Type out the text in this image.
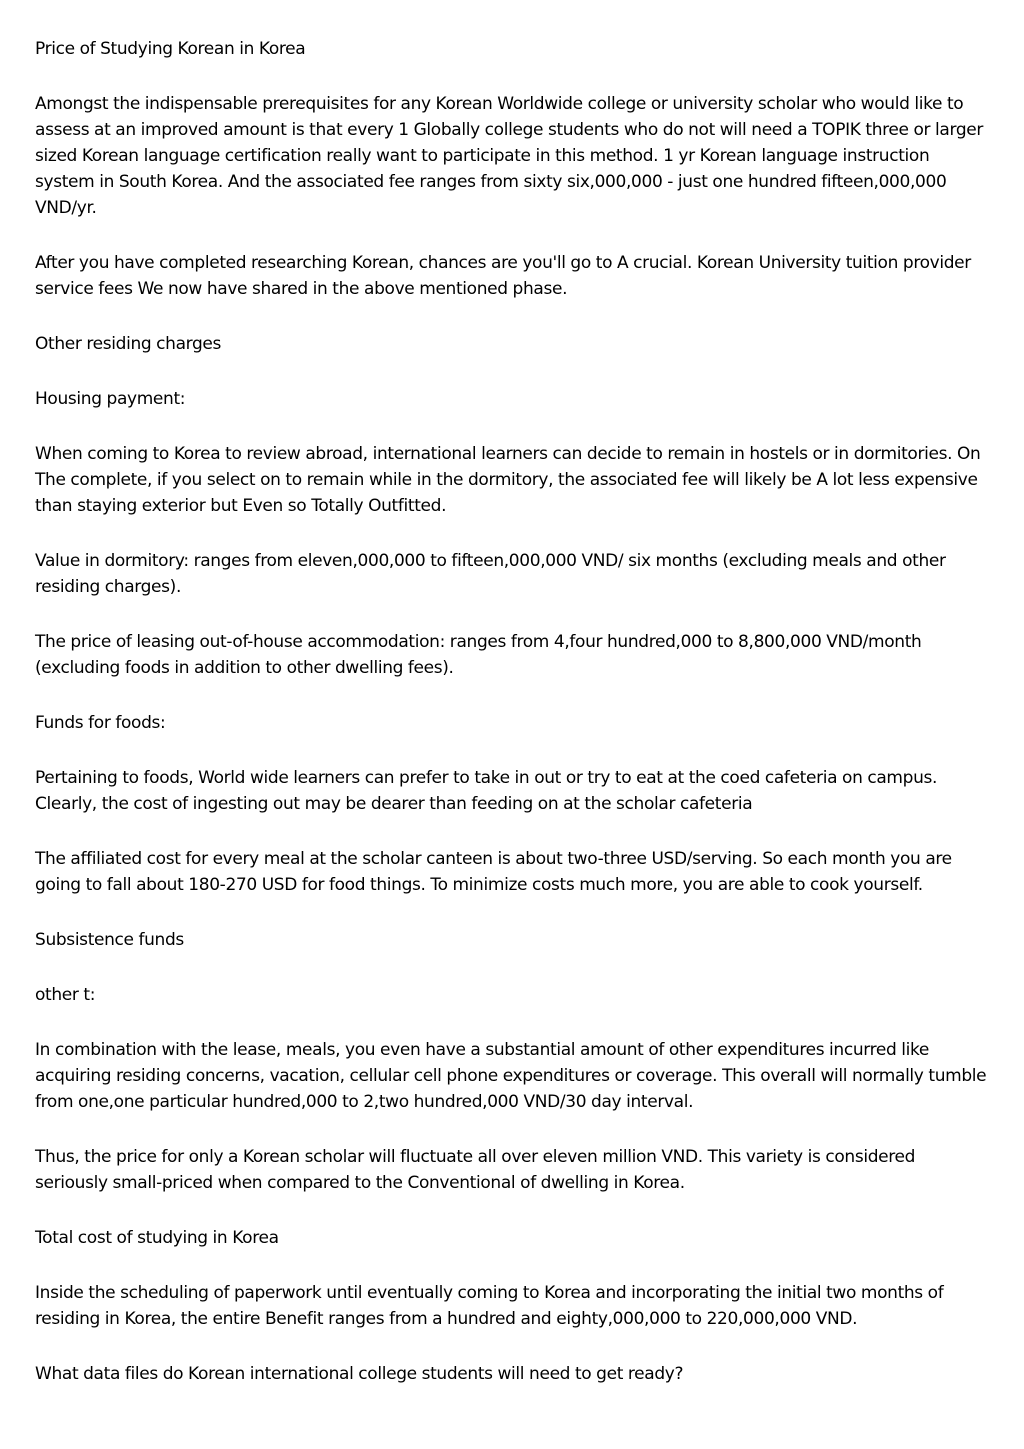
Price of Studying Korean in Korea

Amongst the indispensable prerequisites for any Korean Worldwide college or university scholar who would like to assess at an improved amount is that every 1 Globally college students who do not will need a TOPIK three or larger sized Korean language certification really want to participate in this method. 1 yr Korean language instruction system in South Korea. And the associated fee ranges from sixty six,000,000 - just one hundred fifteen,000,000 VND/yr.

After you have completed researching Korean, chances are you'll go to A crucial. Korean University tuition provider service fees We now have shared in the above mentioned phase.

Other residing charges

Housing payment:

When coming to Korea to review abroad, international learners can decide to remain in hostels or in dormitories. On The complete, if you select on to remain while in the dormitory, the associated fee will likely be A lot less expensive than staying exterior but Even so Totally Outfitted.

Value in dormitory: ranges from eleven,000,000 to fifteen,000,000 VND/ six months (excluding meals and other residing charges).

The price of leasing out-of-house accommodation: ranges from 4,four hundred,000 to 8,800,000 VND/month (excluding foods in addition to other dwelling fees).

Funds for foods:

Pertaining to foods, World wide learners can prefer to take in out or try to eat at the coed cafeteria on campus. Clearly, the cost of ingesting out may be dearer than feeding on at the scholar cafeteria

The affiliated cost for every meal at the scholar canteen is about two-three USD/serving. So each month you are going to fall about 180-270 USD for food things. To minimize costs much more, you are able to cook yourself.

Subsistence funds

other t:

In combination with the lease, meals, you even have a substantial amount of other expenditures incurred like acquiring residing concerns, vacation, cellular cell phone expenditures or coverage. This overall will normally tumble from one,one particular hundred,000 to 2,two hundred,000 VND/30 day interval.

Thus, the price for only a Korean scholar will fluctuate all over eleven million VND. This variety is considered seriously small-priced when compared to the Conventional of dwelling in Korea.

Total cost of studying in Korea

Inside the scheduling of paperwork until eventually coming to Korea and incorporating the initial two months of residing in Korea, the entire Benefit ranges from a hundred and eighty,000,000 to 220,000,000 VND.

What data files do Korean international college students will need to get ready?
